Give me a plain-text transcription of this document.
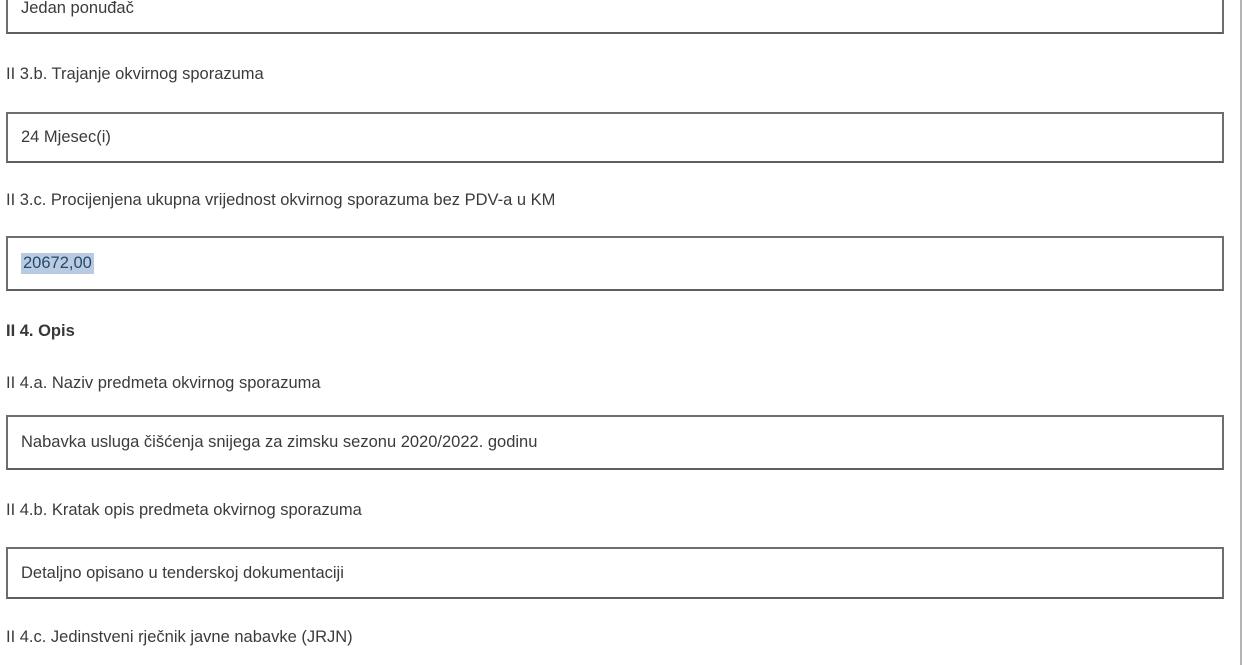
Jedan ponuđač
II 3.b. Trajanje okvirnog sporazuma
24 Mjesec(i)
II 3.c. Procijenjena ukupna vrijednost okvirnog sporazuma bez PDV-a u KM
20672,00
II 4. Opis
II 4.a. Naziv predmeta okvirnog sporazuma
Nabavka usluga čišćenja snijega za zimsku sezonu 2020/2022. godinu
II 4.b. Kratak opis predmeta okvirnog sporazuma
Detaljno opisano u tenderskoj dokumentaciji
II 4.c. Jedinstveni rječnik javne nabavke (JRJN)
